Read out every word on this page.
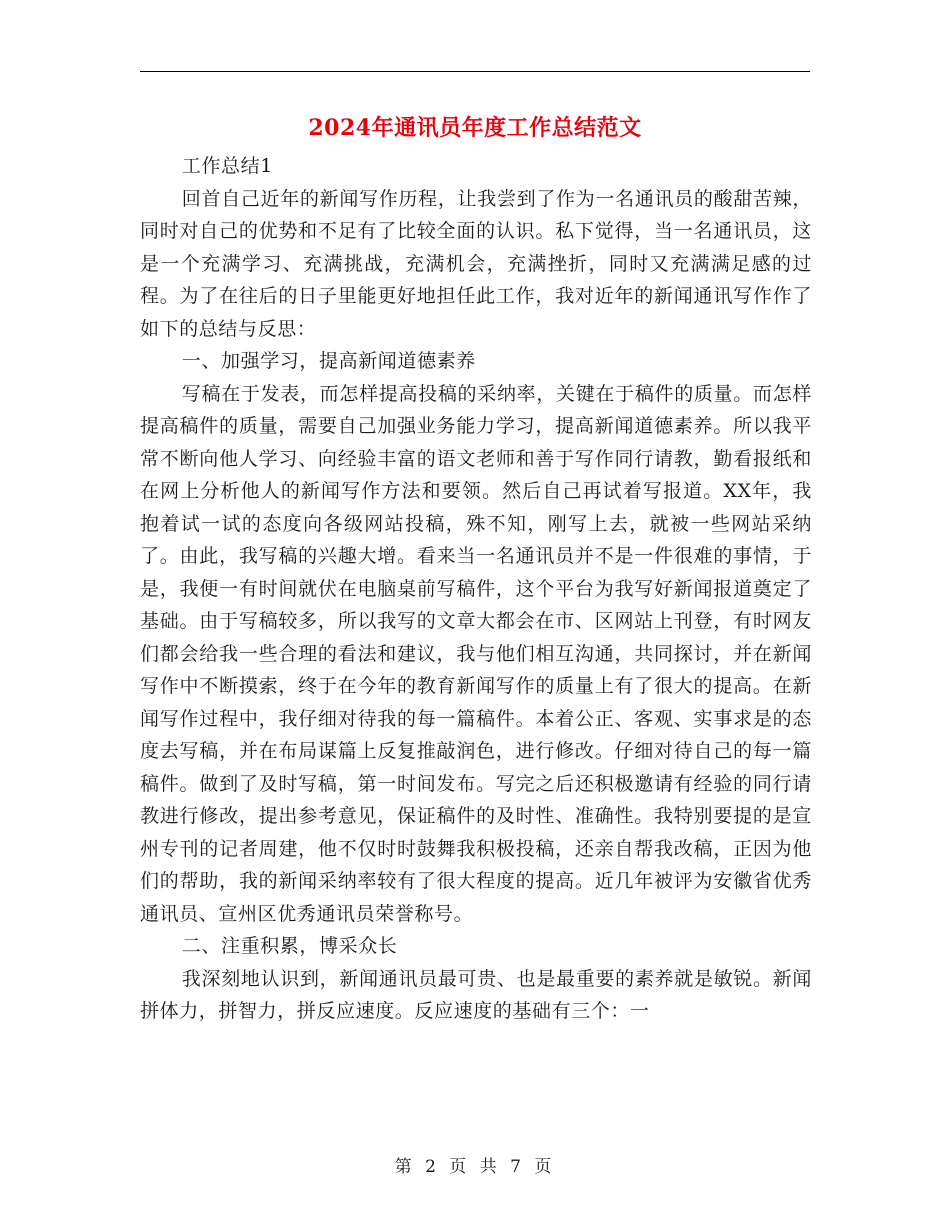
2024年通讯员年度工作总结范文

工作总结1

回首自己近年的新闻写作历程，让我尝到了作为一名通讯员的酸甜苦辣，同时对自己的优势和不足有了比较全面的认识。私下觉得，当一名通讯员，这是一个充满学习、充满挑战，充满机会，充满挫折，同时又充满满足感的过程。为了在往后的日子里能更好地担任此工作，我对近年的新闻通讯写作作了如下的总结与反思：

一、加强学习，提高新闻道德素养

写稿在于发表，而怎样提高投稿的采纳率，关键在于稿件的质量。而怎样提高稿件的质量，需要自己加强业务能力学习，提高新闻道德素养。所以我平常不断向他人学习、向经验丰富的语文老师和善于写作同行请教，勤看报纸和在网上分析他人的新闻写作方法和要领。然后自己再试着写报道。XX年，我抱着试一试的态度向各级网站投稿，殊不知，刚写上去，就被一些网站采纳了。由此，我写稿的兴趣大增。看来当一名通讯员并不是一件很难的事情，于是，我便一有时间就伏在电脑桌前写稿件，这个平台为我写好新闻报道奠定了基础。由于写稿较多，所以我写的文章大都会在市、区网站上刊登，有时网友们都会给我一些合理的看法和建议，我与他们相互沟通，共同探讨，并在新闻写作中不断摸索，终于在今年的教育新闻写作的质量上有了很大的提高。在新闻写作过程中，我仔细对待我的每一篇稿件。本着公正、客观、实事求是的态度去写稿，并在布局谋篇上反复推敲润色，进行修改。仔细对待自己的每一篇稿件。做到了及时写稿，第一时间发布。写完之后还积极邀请有经验的同行请教进行修改，提出参考意见，保证稿件的及时性、准确性。我特别要提的是宣州专刊的记者周建，他不仅时时鼓舞我积极投稿，还亲自帮我改稿，正因为他们的帮助，我的新闻采纳率较有了很大程度的提高。近几年被评为安徽省优秀通讯员、宣州区优秀通讯员荣誉称号。

二、注重积累，博采众长

我深刻地认识到，新闻通讯员最可贵、也是最重要的素养就是敏锐。新闻拼体力，拼智力，拼反应速度。反应速度的基础有三个：一

第 2 页 共 7 页
